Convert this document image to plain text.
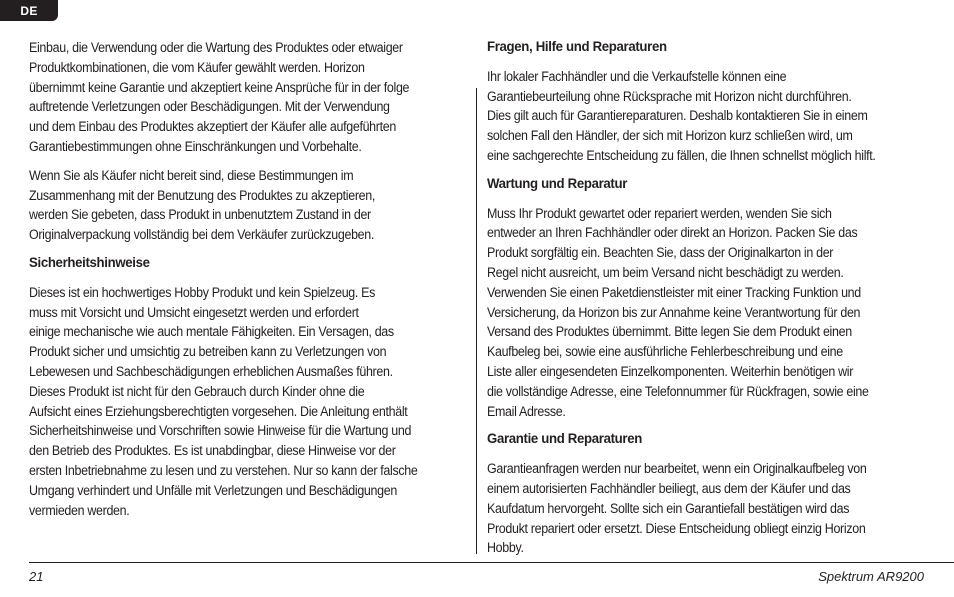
DE

Einbau, die Verwendung oder die Wartung des Produktes oder etwaiger
Produktkombinationen, die vom Käufer gewählt werden. Horizon
übernimmt keine Garantie und akzeptiert keine Ansprüche für in der folge
auftretende Verletzungen oder Beschädigungen. Mit der Verwendung
und dem Einbau des Produktes akzeptiert der Käufer alle aufgeführten
Garantiebestimmungen ohne Einschränkungen und Vorbehalte.

Wenn Sie als Käufer nicht bereit sind, diese Bestimmungen im
Zusammenhang mit der Benutzung des Produktes zu akzeptieren,
werden Sie gebeten, dass Produkt in unbenutztem Zustand in der
Originalverpackung vollständig bei dem Verkäufer zurückzugeben.

Sicherheitshinweise

Dieses ist ein hochwertiges Hobby Produkt und kein Spielzeug. Es
muss mit Vorsicht und Umsicht eingesetzt werden und erfordert
einige mechanische wie auch mentale Fähigkeiten. Ein Versagen, das
Produkt sicher und umsichtig zu betreiben kann zu Verletzungen von
Lebewesen und Sachbeschädigungen erheblichen Ausmaßes führen.
Dieses Produkt ist nicht für den Gebrauch durch Kinder ohne die
Aufsicht eines Erziehungsberechtigten vorgesehen. Die Anleitung enthält
Sicherheitshinweise und Vorschriften sowie Hinweise für die Wartung und
den Betrieb des Produktes. Es ist unabdingbar, diese Hinweise vor der
ersten Inbetriebnahme zu lesen und zu verstehen. Nur so kann der falsche
Umgang verhindert und Unfälle mit Verletzungen und Beschädigungen
vermieden werden.

Fragen, Hilfe und Reparaturen

Ihr lokaler Fachhändler und die Verkaufstelle können eine
Garantiebeurteilung ohne Rücksprache mit Horizon nicht durchführen.
Dies gilt auch für Garantiereparaturen. Deshalb kontaktieren Sie in einem
solchen Fall den Händler, der sich mit Horizon kurz schließen wird, um
eine sachgerechte Entscheidung zu fällen, die Ihnen schnellst möglich hilft.

Wartung und Reparatur

Muss Ihr Produkt gewartet oder repariert werden, wenden Sie sich
entweder an Ihren Fachhändler oder direkt an Horizon. Packen Sie das
Produkt sorgfältig ein. Beachten Sie, dass der Originalkarton in der
Regel nicht ausreicht, um beim Versand nicht beschädigt zu werden.
Verwenden Sie einen Paketdienstleister mit einer Tracking Funktion und
Versicherung, da Horizon bis zur Annahme keine Verantwortung für den
Versand des Produktes übernimmt. Bitte legen Sie dem Produkt einen
Kaufbeleg bei, sowie eine ausführliche Fehlerbeschreibung und eine
Liste aller eingesendeten Einzelkomponenten. Weiterhin benötigen wir
die vollständige Adresse, eine Telefonnummer für Rückfragen, sowie eine
Email Adresse.

Garantie und Reparaturen

Garantieanfragen werden nur bearbeitet, wenn ein Originalkaufbeleg von
einem autorisierten Fachhändler beiliegt, aus dem der Käufer und das
Kaufdatum hervorgeht. Sollte sich ein Garantiefall bestätigen wird das
Produkt repariert oder ersetzt. Diese Entscheidung obliegt einzig Horizon
Hobby.

21	Spektrum AR9200
